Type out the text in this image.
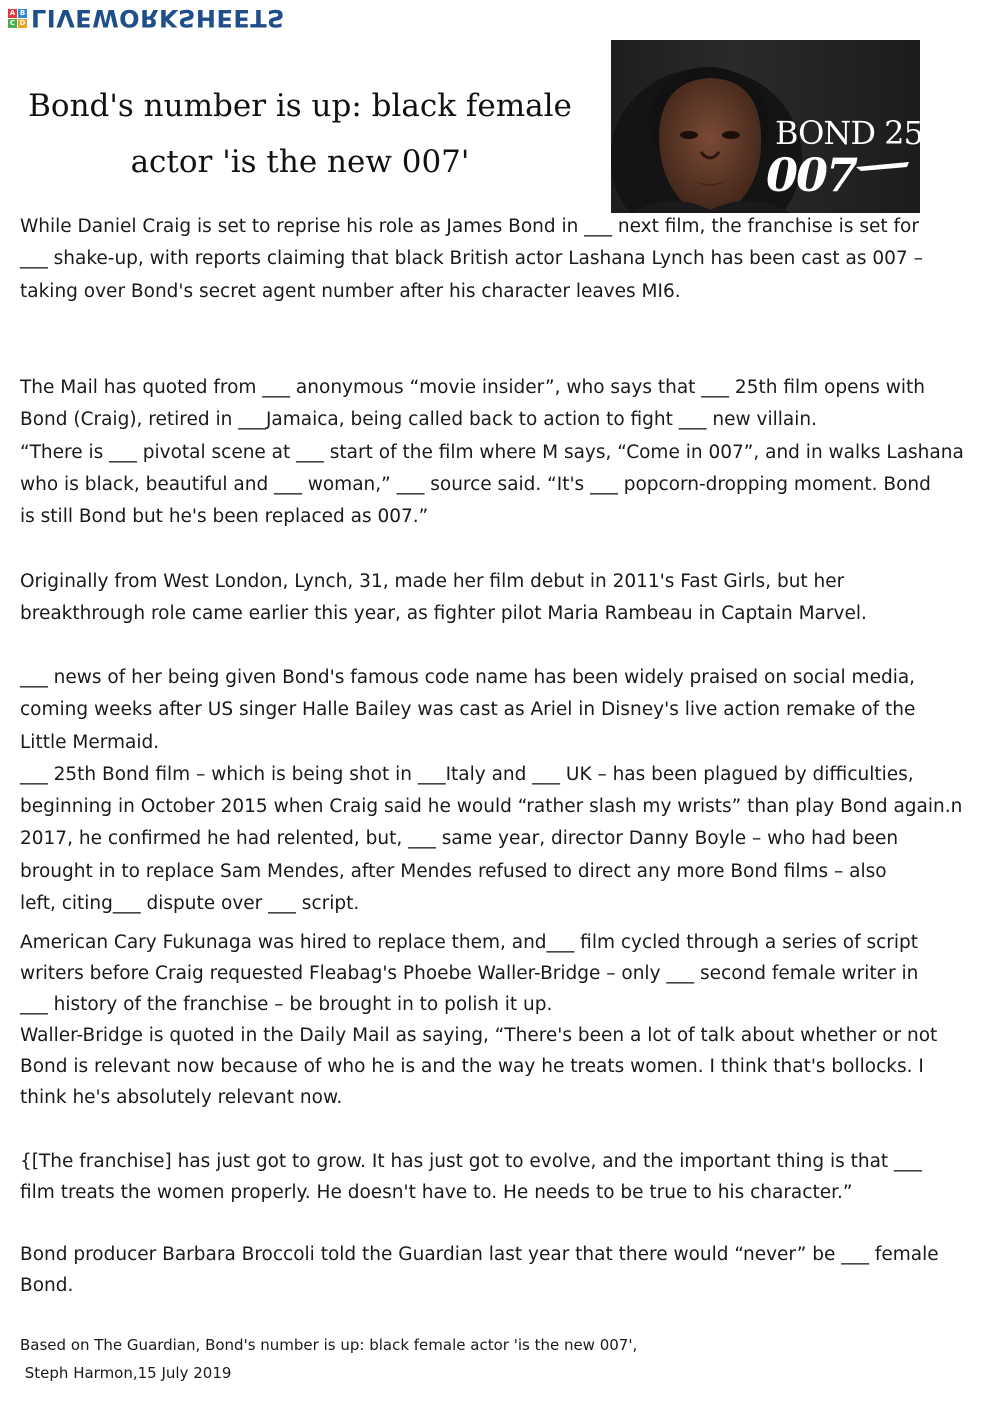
A B
C D LIVEWORKSHEETS
Bond's number is up: black female
actor 'is the new 007'
BOND 25
007
While Daniel Craig is set to reprise his role as James Bond in ___ next film, the franchise is set for
___ shake-up, with reports claiming that black British actor Lashana Lynch has been cast as 007 –
taking over Bond's secret agent number after his character leaves MI6.
The Mail has quoted from ___ anonymous “movie insider”, who says that ___ 25th film opens with
Bond (Craig), retired in ___Jamaica, being called back to action to fight ___ new villain.
“There is ___ pivotal scene at ___ start of the film where M says, “Come in 007”, and in walks Lashana
who is black, beautiful and ___ woman,” ___ source said. “It's ___ popcorn-dropping moment. Bond
is still Bond but he's been replaced as 007.”
Originally from West London, Lynch, 31, made her film debut in 2011's Fast Girls, but her
breakthrough role came earlier this year, as fighter pilot Maria Rambeau in Captain Marvel.
___ news of her being given Bond's famous code name has been widely praised on social media,
coming weeks after US singer Halle Bailey was cast as Ariel in Disney's live action remake of the
Little Mermaid.
___ 25th Bond film – which is being shot in ___Italy and ___ UK – has been plagued by difficulties,
beginning in October 2015 when Craig said he would “rather slash my wrists” than play Bond again.n
2017, he confirmed he had relented, but, ___ same year, director Danny Boyle – who had been
brought in to replace Sam Mendes, after Mendes refused to direct any more Bond films – also
left, citing___ dispute over ___ script.
American Cary Fukunaga was hired to replace them, and___ film cycled through a series of script
writers before Craig requested Fleabag's Phoebe Waller-Bridge – only ___ second female writer in
___ history of the franchise – be brought in to polish it up.
Waller-Bridge is quoted in the Daily Mail as saying, “There's been a lot of talk about whether or not
Bond is relevant now because of who he is and the way he treats women. I think that's bollocks. I
think he's absolutely relevant now.
{[The franchise] has just got to grow. It has just got to evolve, and the important thing is that ___
film treats the women properly. He doesn't have to. He needs to be true to his character.”
Bond producer Barbara Broccoli told the Guardian last year that there would “never” be ___ female
Bond.
Based on The Guardian, Bond's number is up: black female actor 'is the new 007',
Steph Harmon,15 July 2019
